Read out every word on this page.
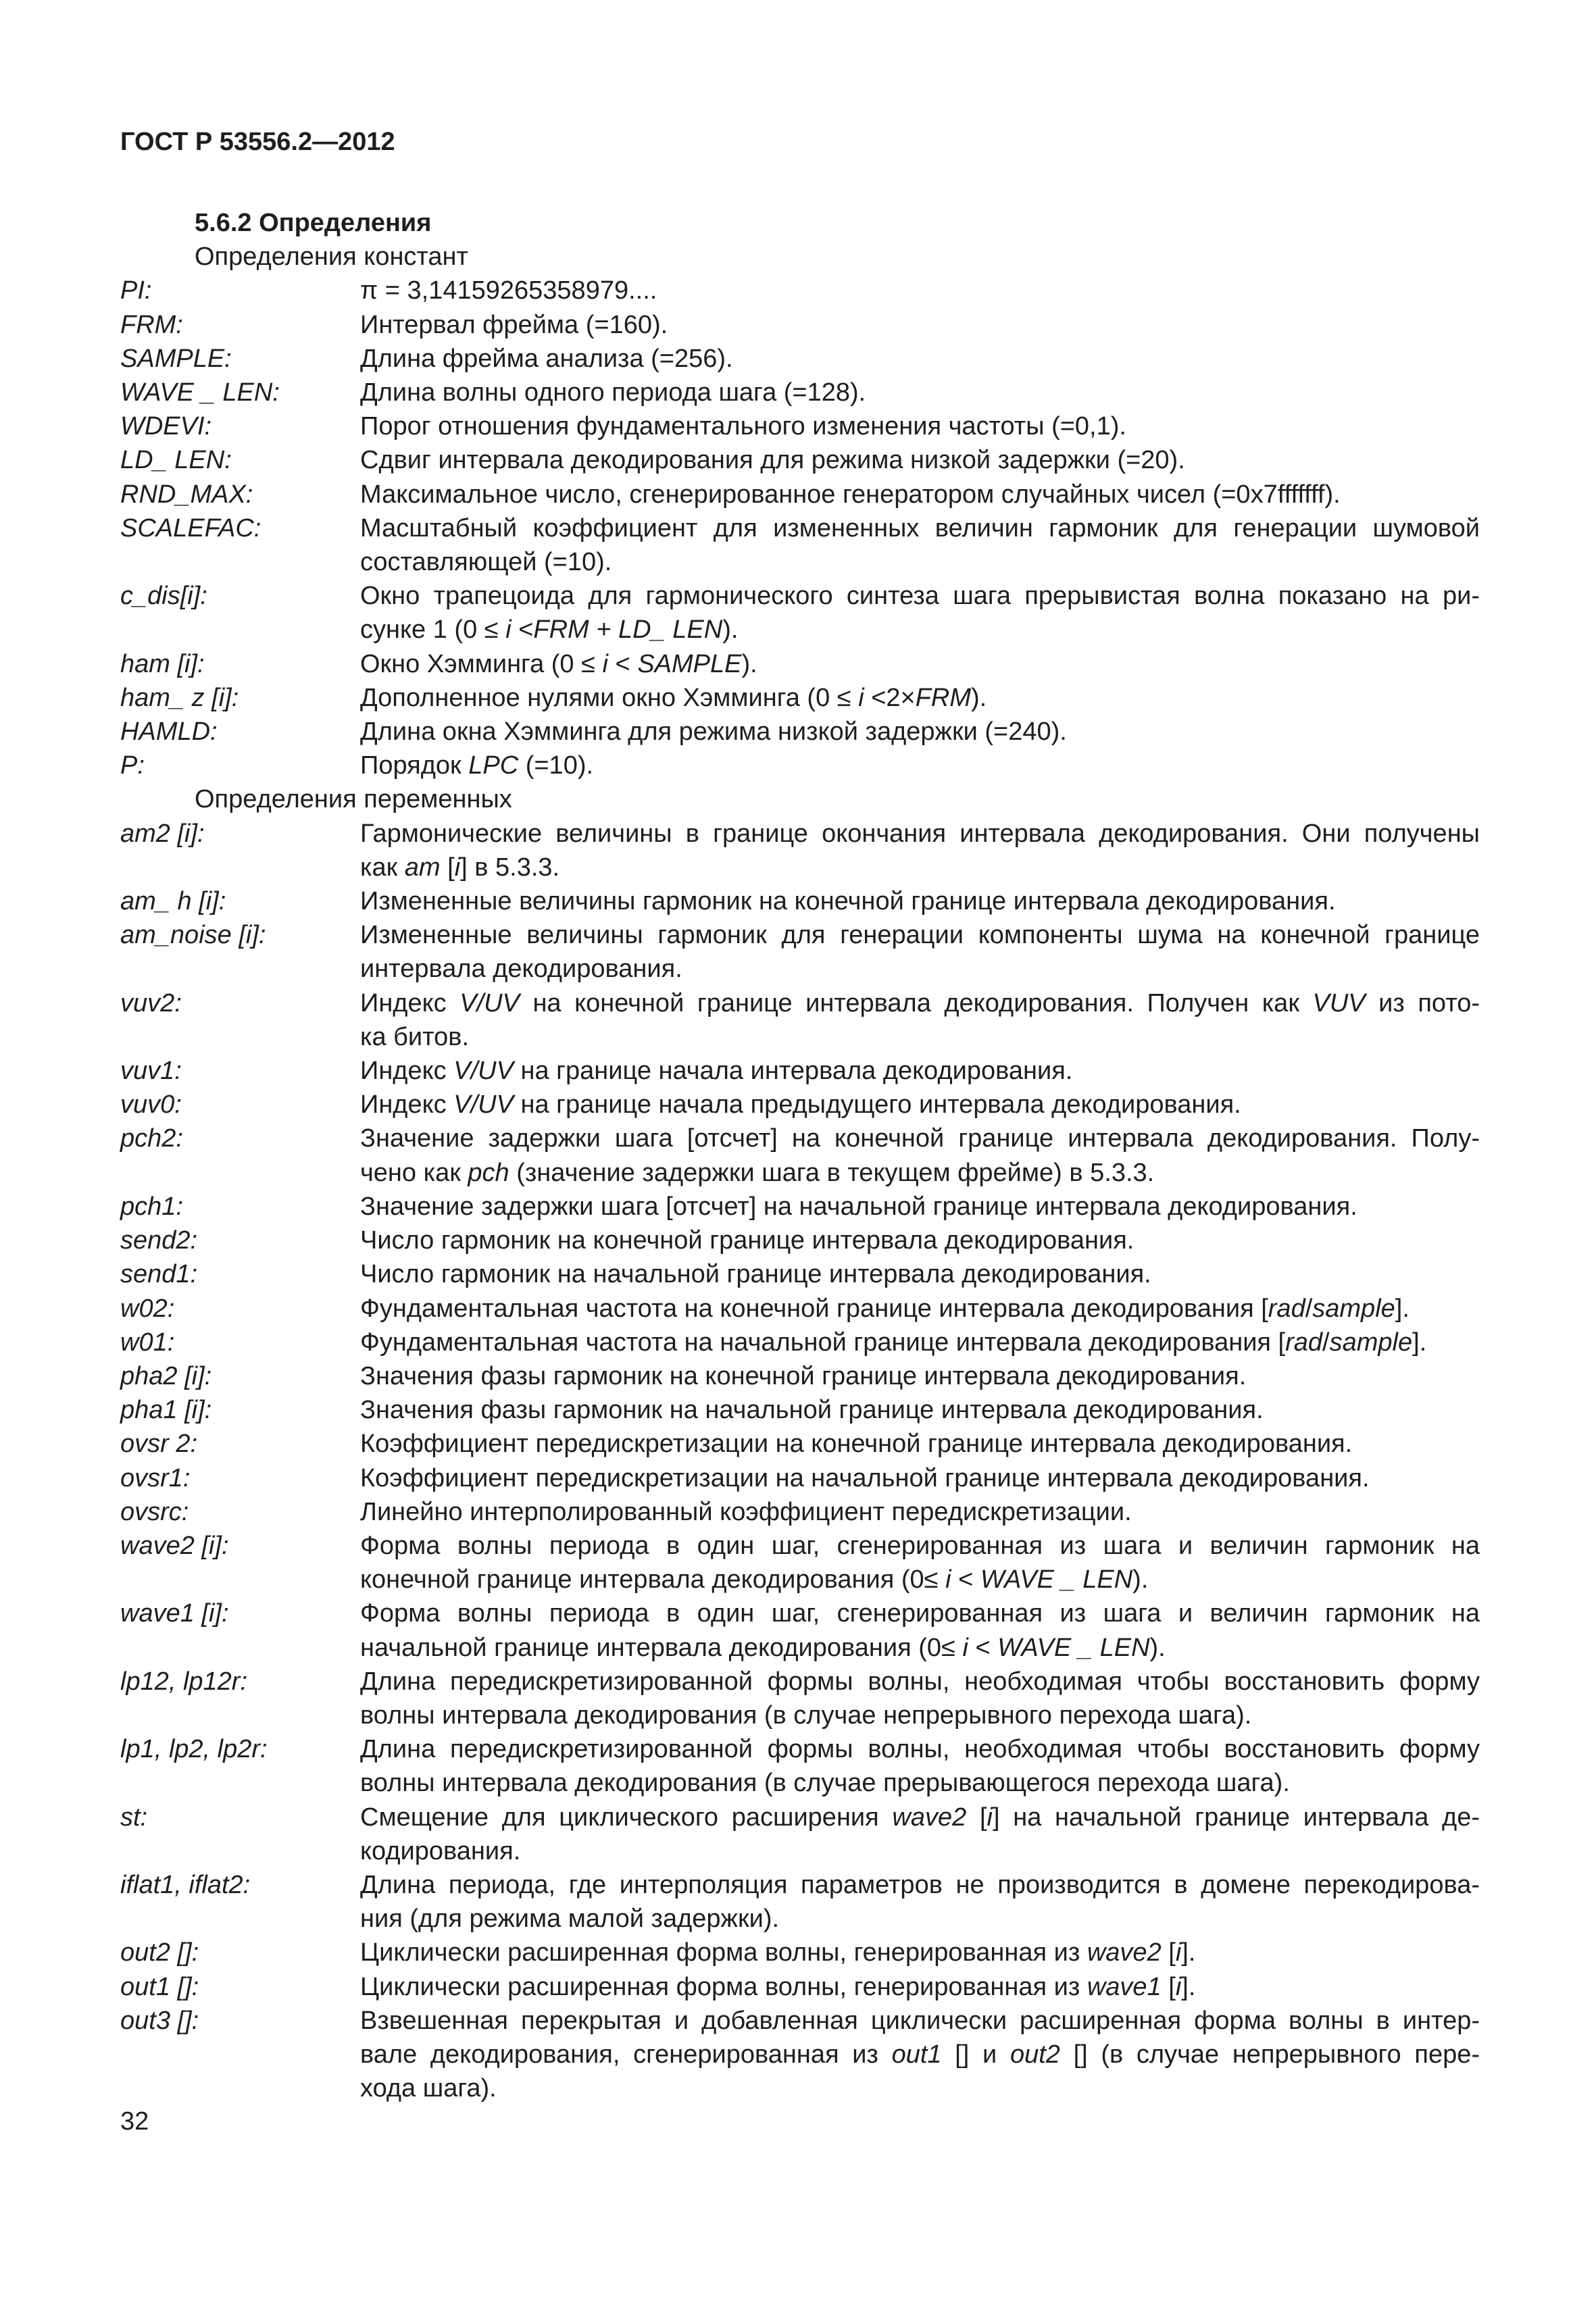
ГОСТ Р 53556.2—2012
5.6.2 Определения
Определения констант
PI:	π = 3,14159265358979....
FRM:	Интервал фрейма (=160).
SAMPLE:	Длина фрейма анализа (=256).
WAVE _ LEN:	Длина волны одного периода шага (=128).
WDEVI:	Порог отношения фундаментального изменения частоты (=0,1).
LD_ LEN:	Сдвиг интервала декодирования для режима низкой задержки (=20).
RND_MAX:	Максимальное число, сгенерированное генератором случайных чисел (=0x7fffffff).
SCALEFAC:	Масштабный коэффициент для измененных величин гармоник для генерации шумовой
составляющей (=10).
c_dis[i]:	Окно трапецоида для гармонического синтеза шага прерывистая волна показано на ри-
сунке 1 (0 ≤ i <FRM + LD_ LEN).
ham [i]:	Окно Хэмминга (0 ≤ i < SAMPLE).
ham_ z [i]:	Дополненное нулями окно Хэмминга (0 ≤ i <2×FRM).
HAMLD:	Длина окна Хэмминга для режима низкой задержки (=240).
P:	Порядок LPC (=10).
Определения переменных
am2 [i]:	Гармонические величины в границе окончания интервала декодирования. Они получены
как am [i] в 5.3.3.
am_ h [i]:	Измененные величины гармоник на конечной границе интервала декодирования.
am_noise [i]:	Измененные величины гармоник для генерации компоненты шума на конечной границе
интервала декодирования.
vuv2:	Индекс V/UV на конечной границе интервала декодирования. Получен как VUV из пото-
ка битов.
vuv1:	Индекс V/UV на границе начала интервала декодирования.
vuv0:	Индекс V/UV на границе начала предыдущего интервала декодирования.
pch2:	Значение задержки шага [отсчет] на конечной границе интервала декодирования. Полу-
чено как pch (значение задержки шага в текущем фрейме) в 5.3.3.
pch1:	Значение задержки шага [отсчет] на начальной границе интервала декодирования.
send2:	Число гармоник на конечной границе интервала декодирования.
send1:	Число гармоник на начальной границе интервала декодирования.
w02:	Фундаментальная частота на конечной границе интервала декодирования [rad/sample].
w01:	Фундаментальная частота на начальной границе интервала декодирования [rad/sample].
pha2 [i]:	Значения фазы гармоник на конечной границе интервала декодирования.
pha1 [i]:	Значения фазы гармоник на начальной границе интервала декодирования.
ovsr 2:	Коэффициент передискретизации на конечной границе интервала декодирования.
ovsr1:	Коэффициент передискретизации на начальной границе интервала декодирования.
ovsrc:	Линейно интерполированный коэффициент передискретизации.
wave2 [i]:	Форма волны периода в один шаг, сгенерированная из шага и величин гармоник на
конечной границе интервала декодирования (0≤ i < WAVE _ LEN).
wave1 [i]:	Форма волны периода в один шаг, сгенерированная из шага и величин гармоник на
начальной границе интервала декодирования (0≤ i < WAVE _ LEN).
lp12, lp12r:	Длина передискретизированной формы волны, необходимая чтобы восстановить форму
волны интервала декодирования (в случае непрерывного перехода шага).
lp1, lp2, lp2r:	Длина передискретизированной формы волны, необходимая чтобы восстановить форму
волны интервала декодирования (в случае прерывающегося перехода шага).
st:	Смещение для циклического расширения wave2 [i] на начальной границе интервала де-
кодирования.
iflat1, iflat2:	Длина периода, где интерполяция параметров не производится в домене перекодирова-
ния (для режима малой задержки).
out2 []:	Циклически расширенная форма волны, генерированная из wave2 [i].
out1 []:	Циклически расширенная форма волны, генерированная из wave1 [i].
out3 []:	Взвешенная перекрытая и добавленная циклически расширенная форма волны в интер-
вале декодирования, сгенерированная из out1 [] и out2 [] (в случае непрерывного пере-
хода шага).
32
